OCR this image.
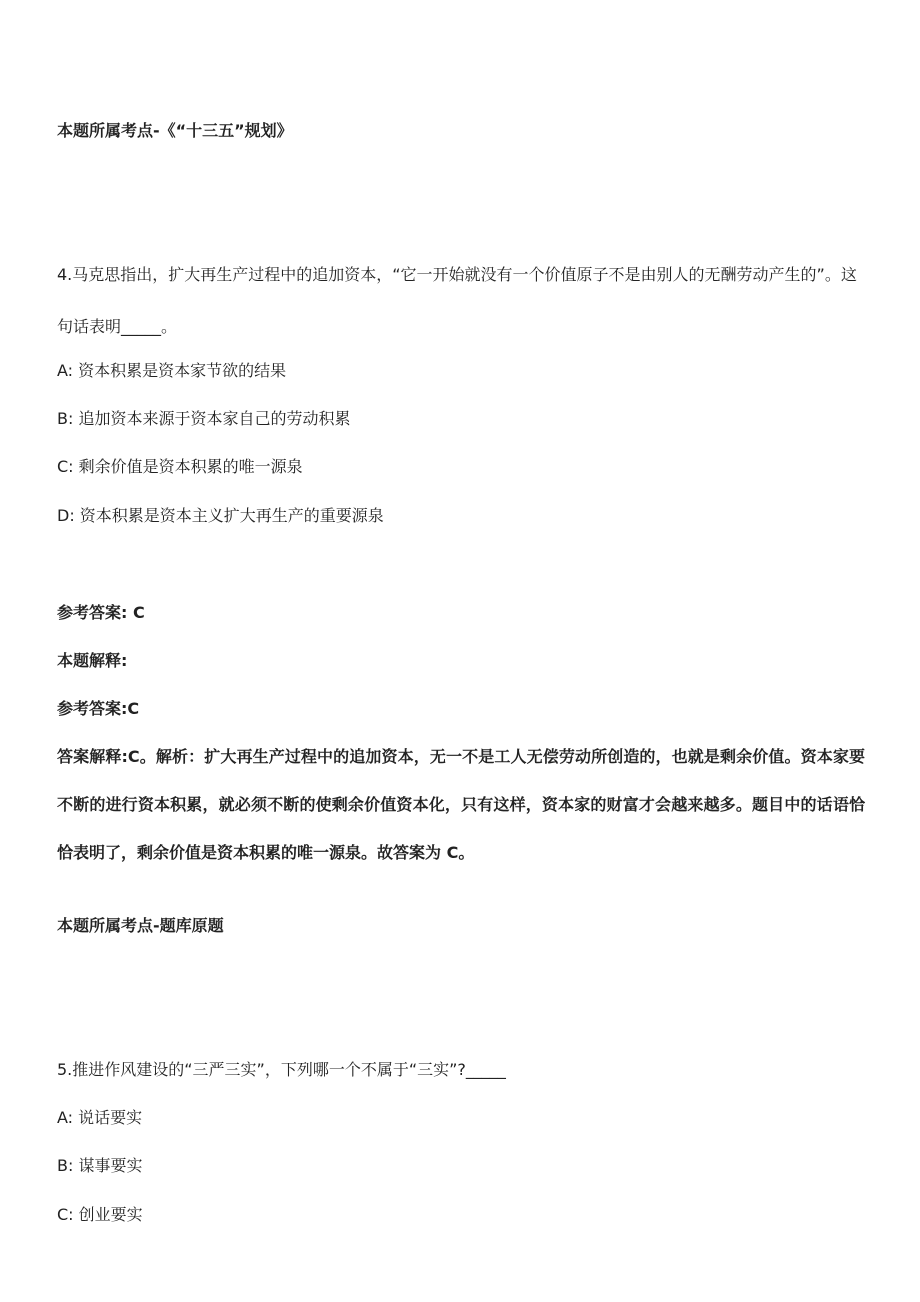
本题所属考点-《“十三五”规划》
4.马克思指出，扩大再生产过程中的追加资本，“它一开始就没有一个价值原子不是由别人的无酬劳动产生的”。这句话表明_____。
A: 资本积累是资本家节欲的结果
B: 追加资本来源于资本家自己的劳动积累
C: 剩余价值是资本积累的唯一源泉
D: 资本积累是资本主义扩大再生产的重要源泉
参考答案: C
本题解释:
参考答案:C
答案解释:C。解析：扩大再生产过程中的追加资本，无一不是工人无偿劳动所创造的，也就是剩余价值。资本家要不断的进行资本积累，就必须不断的使剩余价值资本化，只有这样，资本家的财富才会越来越多。题目中的话语恰恰表明了，剩余价值是资本积累的唯一源泉。故答案为 C。
本题所属考点-题库原题
5.推进作风建设的“三严三实”，下列哪一个不属于“三实”?_____
A: 说话要实
B: 谋事要实
C: 创业要实
